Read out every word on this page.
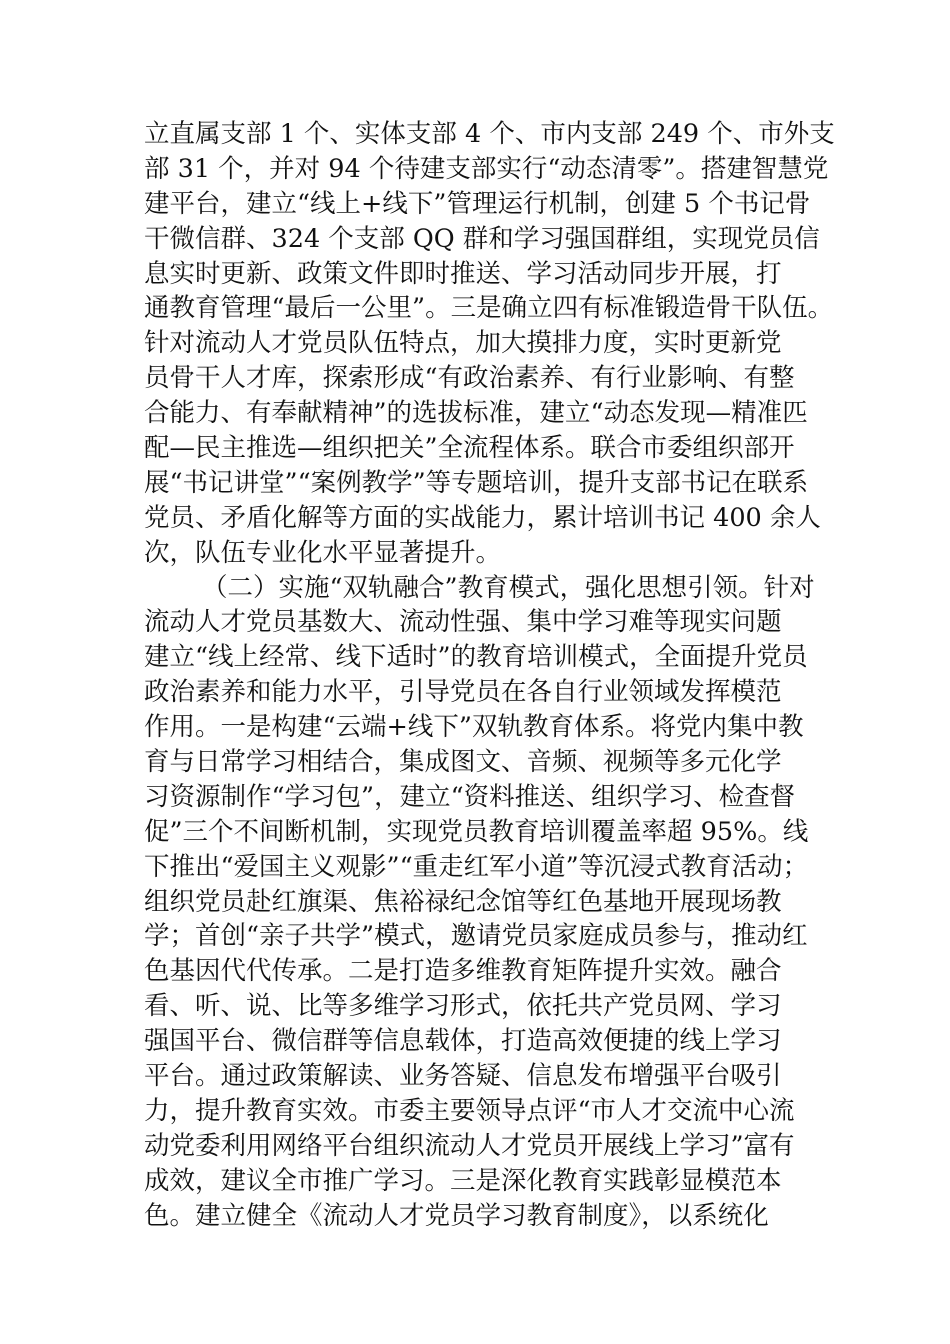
立直属支部 1 个、实体支部 4 个、市内支部 249 个、市外支
部 31 个，并对 94 个待建支部实行“动态清零”。搭建智慧党
建平台，建立“线上+线下”管理运行机制，创建 5 个书记骨
干微信群、324 个支部 QQ 群和学习强国群组，实现党员信
息实时更新、政策文件即时推送、学习活动同步开展，打
通教育管理“最后一公里”。三是确立四有标准锻造骨干队伍。
针对流动人才党员队伍特点，加大摸排力度，实时更新党
员骨干人才库，探索形成“有政治素养、有行业影响、有整
合能力、有奉献精神”的选拔标准，建立“动态发现—精准匹
配—民主推选—组织把关”全流程体系。联合市委组织部开
展“书记讲堂”“案例教学”等专题培训，提升支部书记在联系
党员、矛盾化解等方面的实战能力，累计培训书记 400 余人
次，队伍专业化水平显著提升。
（二）实施“双轨融合”教育模式，强化思想引领。针对
流动人才党员基数大、流动性强、集中学习难等现实问题
建立“线上经常、线下适时”的教育培训模式，全面提升党员
政治素养和能力水平，引导党员在各自行业领域发挥模范
作用。一是构建“云端+线下”双轨教育体系。将党内集中教
育与日常学习相结合，集成图文、音频、视频等多元化学
习资源制作“学习包”，建立“资料推送、组织学习、检查督
促”三个不间断机制，实现党员教育培训覆盖率超 95%。线
下推出“爱国主义观影”“重走红军小道”等沉浸式教育活动；
组织党员赴红旗渠、焦裕禄纪念馆等红色基地开展现场教
学；首创“亲子共学”模式，邀请党员家庭成员参与，推动红
色基因代代传承。二是打造多维教育矩阵提升实效。融合
看、听、说、比等多维学习形式，依托共产党员网、学习
强国平台、微信群等信息载体，打造高效便捷的线上学习
平台。通过政策解读、业务答疑、信息发布增强平台吸引
力，提升教育实效。市委主要领导点评“市人才交流中心流
动党委利用网络平台组织流动人才党员开展线上学习”富有
成效，建议全市推广学习。三是深化教育实践彰显模范本
色。建立健全《流动人才党员学习教育制度》，以系统化
